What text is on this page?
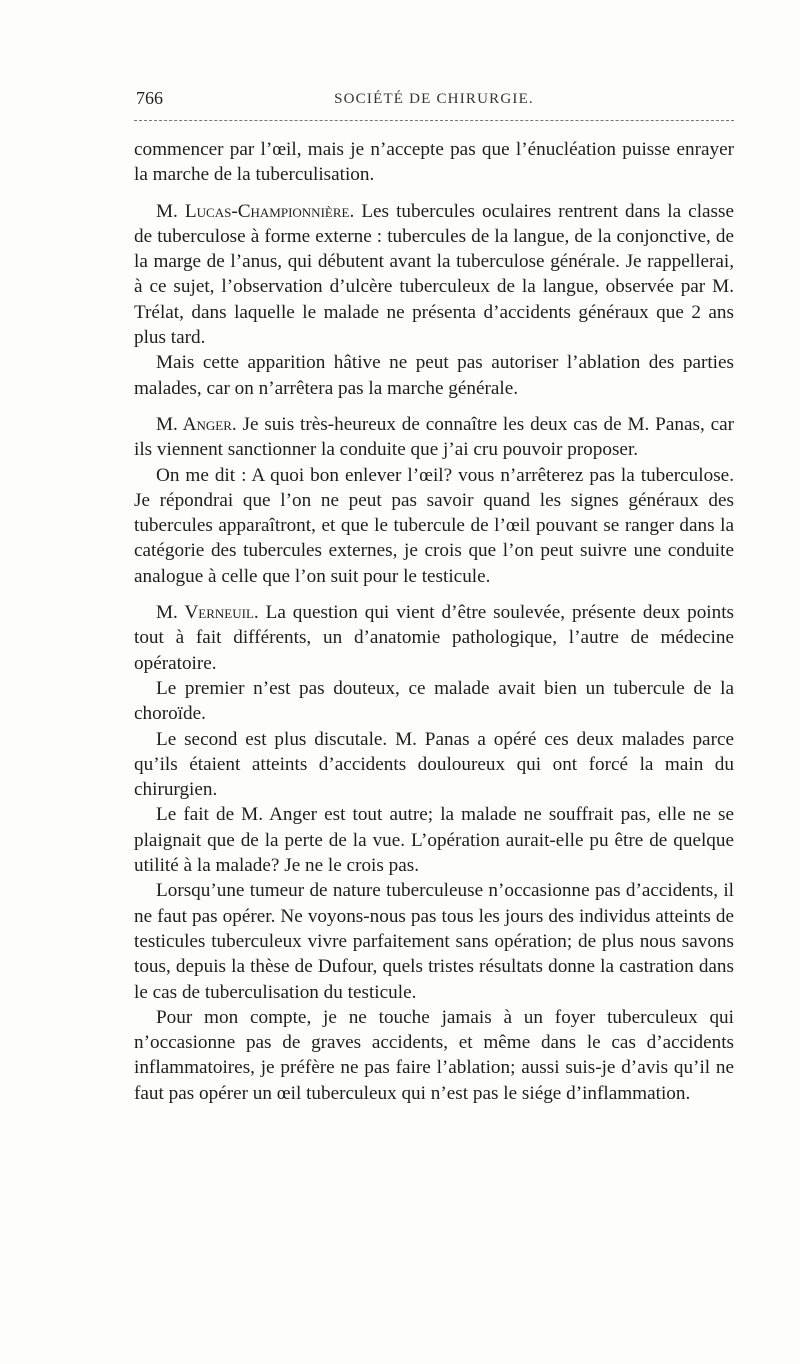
766	SOCIÉTÉ DE CHIRURGIE.

commencer par l’œil, mais je n’accepte pas que l’énucléation puisse enrayer la marche de la tuberculisation.

M. Lucas-Championnière. Les tubercules oculaires rentrent dans la classe de tuberculose à forme externe : tubercules de la langue, de la conjonctive, de la marge de l’anus, qui débutent avant la tuberculose générale. Je rappellerai, à ce sujet, l’observation d’ulcère tuberculeux de la langue, observée par M. Trélat, dans laquelle le malade ne présenta d’accidents généraux que 2 ans plus tard.

Mais cette apparition hâtive ne peut pas autoriser l’ablation des parties malades, car on n’arrêtera pas la marche générale.

M. Anger. Je suis très-heureux de connaître les deux cas de M. Panas, car ils viennent sanctionner la conduite que j’ai cru pouvoir proposer.

On me dit : A quoi bon enlever l’œil? vous n’arrêterez pas la tuberculose. Je répondrai que l’on ne peut pas savoir quand les signes généraux des tubercules apparaîtront, et que le tubercule de l’œil pouvant se ranger dans la catégorie des tubercules externes, je crois que l’on peut suivre une conduite analogue à celle que l’on suit pour le testicule.

M. Verneuil. La question qui vient d’être soulevée, présente deux points tout à fait différents, un d’anatomie pathologique, l’autre de médecine opératoire.

Le premier n’est pas douteux, ce malade avait bien un tubercule de la choroïde.

Le second est plus discutale. M. Panas a opéré ces deux malades parce qu’ils étaient atteints d’accidents douloureux qui ont forcé la main du chirurgien.

Le fait de M. Anger est tout autre; la malade ne souffrait pas, elle ne se plaignait que de la perte de la vue. L’opération aurait-elle pu être de quelque utilité à la malade? Je ne le crois pas.

Lorsqu’une tumeur de nature tuberculeuse n’occasionne pas d’accidents, il ne faut pas opérer. Ne voyons-nous pas tous les jours des individus atteints de testicules tuberculeux vivre parfaitement sans opération; de plus nous savons tous, depuis la thèse de Dufour, quels tristes résultats donne la castration dans le cas de tuberculisation du testicule.

Pour mon compte, je ne touche jamais à un foyer tuberculeux qui n’occasionne pas de graves accidents, et même dans le cas d’accidents inflammatoires, je préfère ne pas faire l’ablation; aussi suis-je d’avis qu’il ne faut pas opérer un œil tuberculeux qui n’est pas le siége d’inflammation.
